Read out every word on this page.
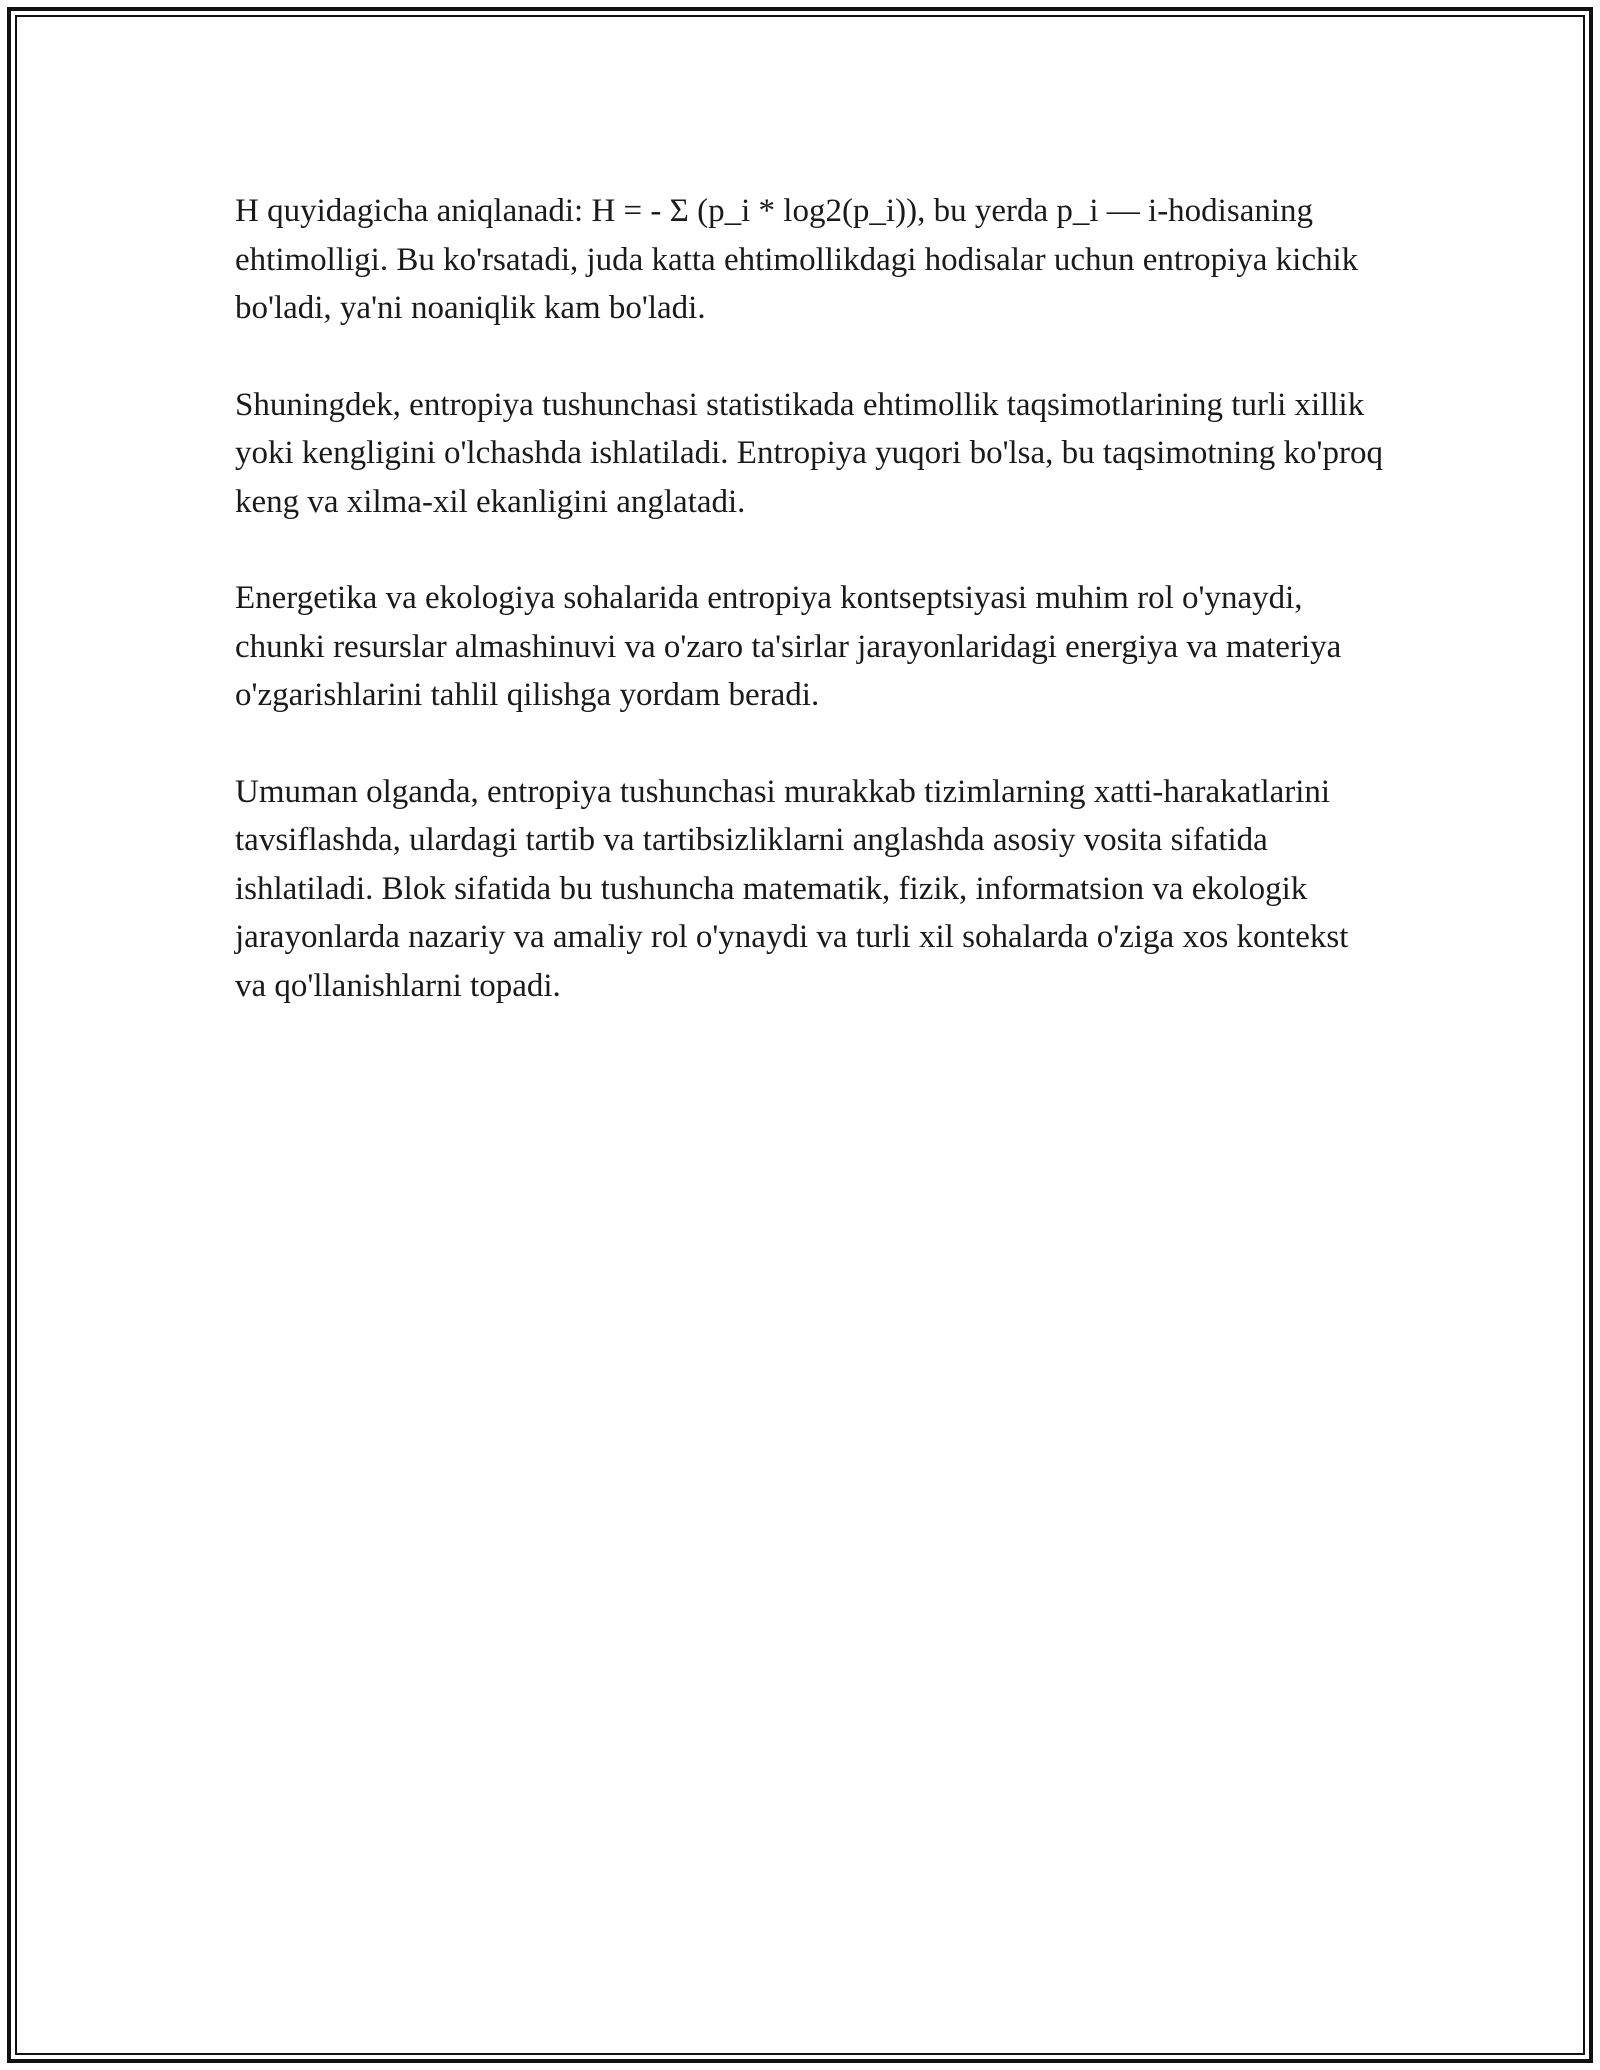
H quyidagicha aniqlanadi: H = - Σ (p_i * log2(p_i)), bu yerda p_i — i-hodisaning ehtimolligi. Bu ko'rsatadi, juda katta ehtimollikdagi hodisalar uchun entropiya kichik bo'ladi, ya'ni noaniqlik kam bo'ladi.

Shuningdek, entropiya tushunchasi statistikada ehtimollik taqsimotlarining turli xillik yoki kengligini o'lchashda ishlatiladi. Entropiya yuqori bo'lsa, bu taqsimotning ko'proq keng va xilma-xil ekanligini anglatadi.

Energetika va ekologiya sohalarida entropiya kontseptsiyasi muhim rol o'ynaydi, chunki resurslar almashinuvi va o'zaro ta'sirlar jarayonlaridagi energiya va materiya o'zgarishlarini tahlil qilishga yordam beradi.

Umuman olganda, entropiya tushunchasi murakkab tizimlarning xatti-harakatlarini tavsiflashda, ulardagi tartib va tartibsizliklarni anglashda asosiy vosita sifatida ishlatiladi. Blok sifatida bu tushuncha matematik, fizik, informatsion va ekologik jarayonlarda nazariy va amaliy rol o'ynaydi va turli xil sohalarda o'ziga xos kontekst va qo'llanishlarni topadi.
